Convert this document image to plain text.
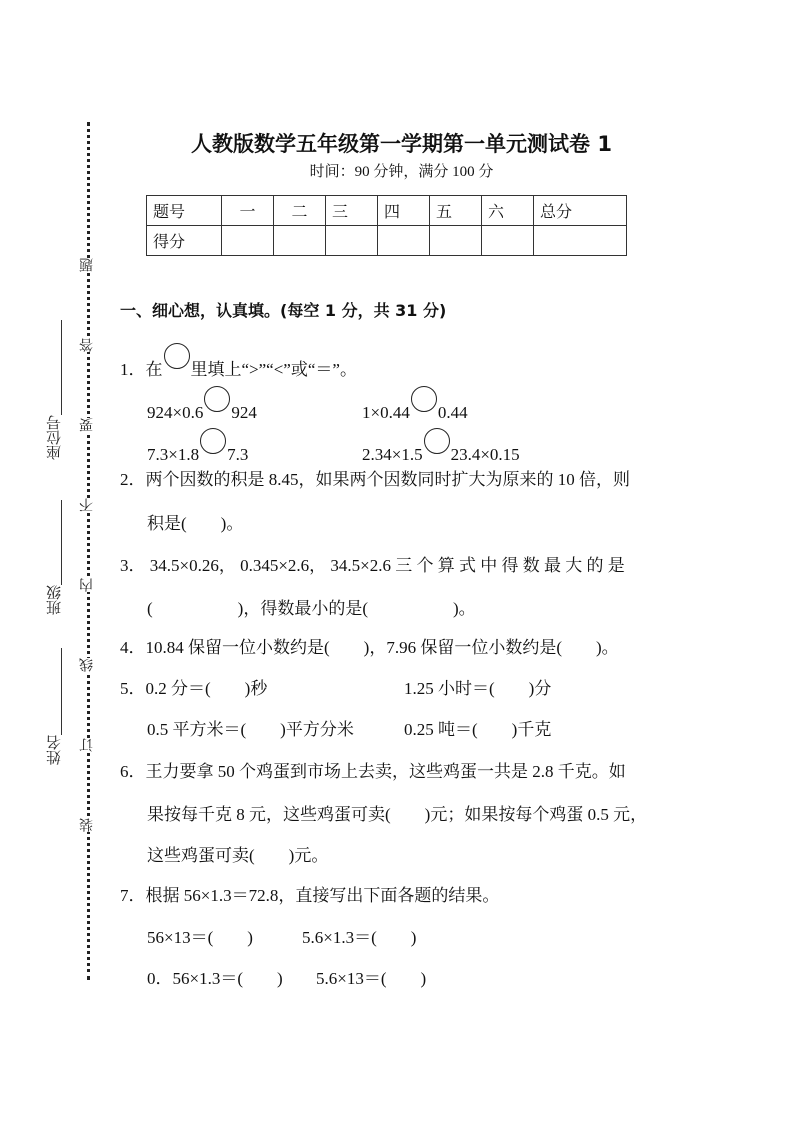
题
答
要
不
内
线
订
装
座位号
班级
姓名
人教版数学五年级第一学期第一单元测试卷 1
时间：90 分钟，满分 100 分
题号	一	二	三	四	五	六	总分
得分							
一、细心想，认真填。(每空 1 分，共 31 分)
1．在 里填上“>”“<”或“＝”。
924×0.6 924	1×0.44 0.44
7.3×1.8 7.3	2.34×1.5 23.4×0.15
2．两个因数的积是 8.45，如果两个因数同时扩大为原来的 10 倍，则
积是(　　)。
3． 34.5×0.26， 0.345×2.6， 34.5×2.6 三 个 算 式 中 得 数 最 大 的 是
(　　　　　)，得数最小的是(　　　　　)。
4．10.84 保留一位小数约是(　　)，7.96 保留一位小数约是(　　)。
5．0.2 分＝(　　)秒	1.25 小时＝(　　)分
0.5 平方米＝(　　)平方分米	0.25 吨＝(　　)千克
6．王力要拿 50 个鸡蛋到市场上去卖，这些鸡蛋一共是 2.8 千克。如
果按每千克 8 元，这些鸡蛋可卖(　　)元；如果按每个鸡蛋 0.5 元，
这些鸡蛋可卖(　　)元。
7．根据 56×1.3＝72.8，直接写出下面各题的结果。
56×13＝(　　)	5.6×1.3＝(　　)
0．56×1.3＝(　　) 5.6×13＝(　　)
